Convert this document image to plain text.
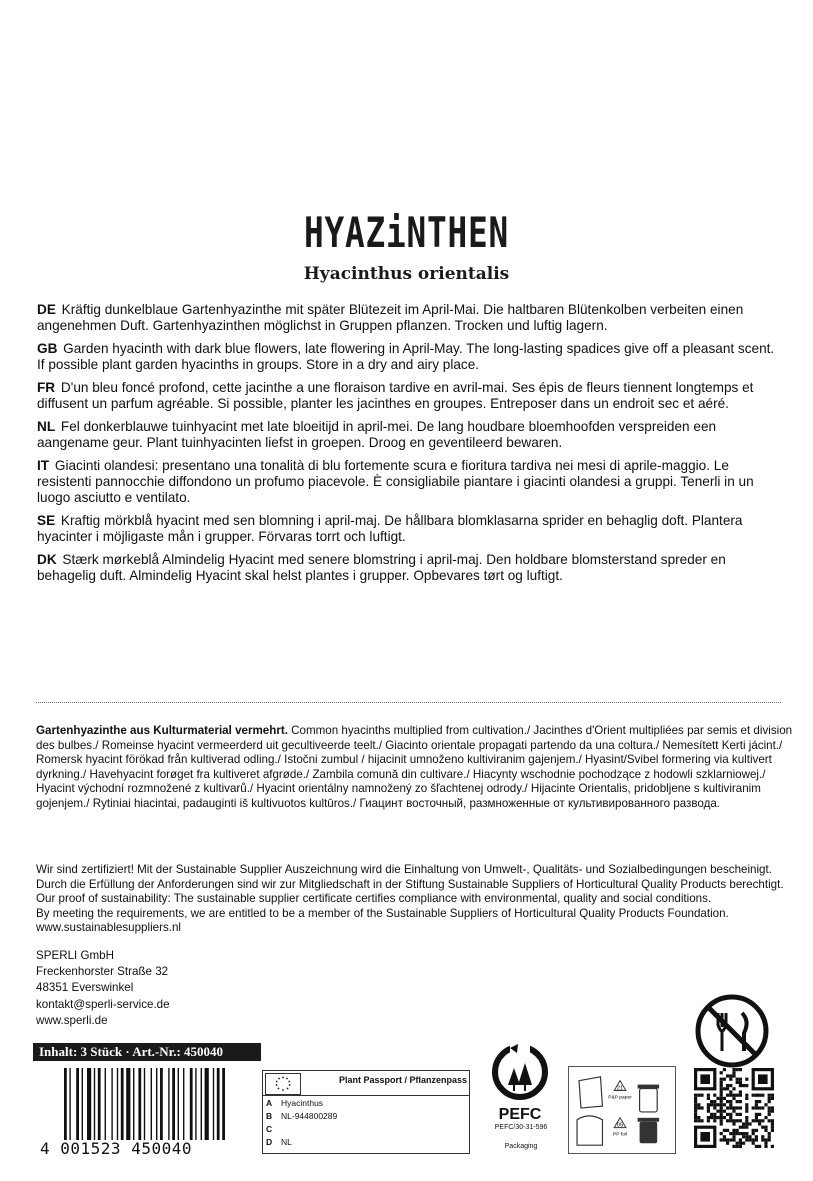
HYAZiNTHEN
Hyacinthus orientalis

DE Kräftig dunkelblaue Gartenhyazinthe mit später Blütezeit im April-Mai. Die haltbaren Blütenkolben verbeiten einen angenehmen Duft. Gartenhyazinthen möglichst in Gruppen pflanzen. Trocken und luftig lagern.

GB Garden hyacinth with dark blue flowers, late flowering in April-May. The long-lasting spadices give off a pleasant scent. If possible plant garden hyacinths in groups. Store in a dry and airy place.

FR D'un bleu foncé profond, cette jacinthe a une floraison tardive en avril-mai. Ses épis de fleurs tiennent longtemps et diffusent un parfum agréable. Si possible, planter les jacinthes en groupes. Entreposer dans un endroit sec et aéré.

NL Fel donkerblauwe tuinhyacint met late bloeitijd in april-mei. De lang houdbare bloemhoofden verspreiden een aangename geur. Plant tuinhyacinten liefst in groepen. Droog en geventileerd bewaren.

IT Giacinti olandesi: presentano una tonalità di blu fortemente scura e fioritura tardiva nei mesi di aprile-maggio. Le resistenti pannocchie diffondono un profumo piacevole. È consigliabile piantare i giacinti olandesi a gruppi. Tenerli in un luogo asciutto e ventilato.

SE Kraftig mörkblå hyacint med sen blomning i april-maj. De hållbara blomklasarna sprider en behaglig doft. Plantera hyacinter i möjligaste mån i grupper. Förvaras torrt och luftigt.

DK Stærk mørkeblå Almindelig Hyacint med senere blomstring i april-maj. Den holdbare blomsterstand spreder en behagelig duft. Almindelig Hyacint skal helst plantes i grupper. Opbevares tørt og luftigt.

Gartenhyazinthe aus Kulturmaterial vermehrt. Common hyacinths multiplied from cultivation./ Jacinthes d'Orient multipliées par semis et division des bulbes./ Romeinse hyacint vermeerderd uit gecultiveerde teelt./ Giacinto orientale propagati partendo da una coltura./ Nemesített Kerti jácint./ Romersk hyacint förökad från kultiverad odling./ Istočni zumbul / hijacinit umnoženo kultiviranim gajenjem./ Hyasint/Svibel formering via kultivert dyrkning./ Havehyacint forøget fra kultiveret afgrøde./ Zambila comună din cultivare./ Hiacynty wschodnie pochodzące z hodowli szklarniowej./ Hyacint východní rozmnožené z kultivarů./ Hyacint orientálny namnožený zo šľachtenej odrody./ Hijacinte Orientalis, pridobljene s kultiviranim gojenjem./ Rytiniai hiacintai, padauginti iš kultivuotos kultūros./ Гиацинт восточный, размноженные от культивированного развода.
Wir sind zertifiziert! Mit der Sustainable Supplier Auszeichnung wird die Einhaltung von Umwelt-, Qualitäts- und Sozialbedingungen bescheinigt.
Durch die Erfüllung der Anforderungen sind wir zur Mitgliedschaft in der Stiftung Sustainable Suppliers of Horticultural Quality Products berechtigt.
Our proof of sustainability: The sustainable supplier certificate certifies compliance with environmental, quality and social conditions.
By meeting the requirements, we are entitled to be a member of the Sustainable Suppliers of Horticultural Quality Products Foundation.
www.sustainablesuppliers.nl
SPERLI GmbH
Freckenhorster Straße 32
48351 Everswinkel
kontakt@sperli-service.de
www.sperli.de
Inhalt: 3 Stück · Art.-Nr.: 450040
4 001523 450040
Plant Passport / Pflanzenpass
A Hyacinthus
B NL-944800289
C
D NL
PEFC
PEFC/30-31-596
Packaging
21
P&P paper
05
PP foil
